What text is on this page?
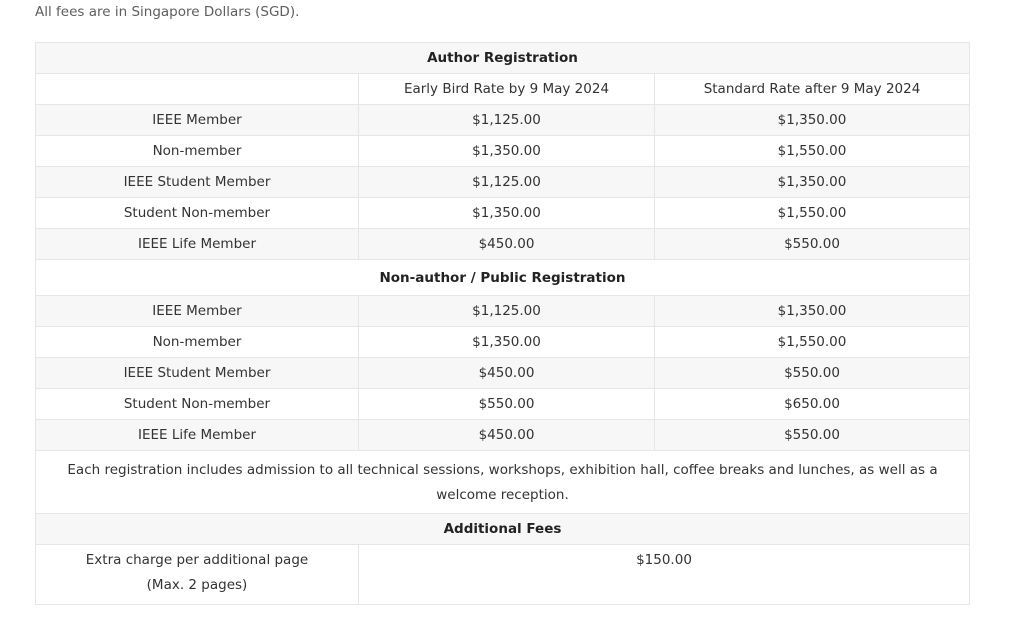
All fees are in Singapore Dollars (SGD).
Author Registration		
	Early Bird Rate by 9 May 2024	Standard Rate after 9 May 2024
IEEE Member	$1,125.00	$1,350.00
Non-member	$1,350.00	$1,550.00
IEEE Student Member	$1,125.00	$1,350.00
Student Non-member	$1,350.00	$1,550.00
IEEE Life Member	$450.00	$550.00
Non-author / Public Registration		
IEEE Member	$1,125.00	$1,350.00
Non-member	$1,350.00	$1,550.00
IEEE Student Member	$450.00	$550.00
Student Non-member	$550.00	$650.00
IEEE Life Member	$450.00	$550.00
Each registration includes admission to all technical sessions, workshops, exhibition hall, coffee breaks and lunches, as well as a welcome reception.		
Additional Fees		

Extra charge per additional page
(Max. 2 pages)	$150.00	
